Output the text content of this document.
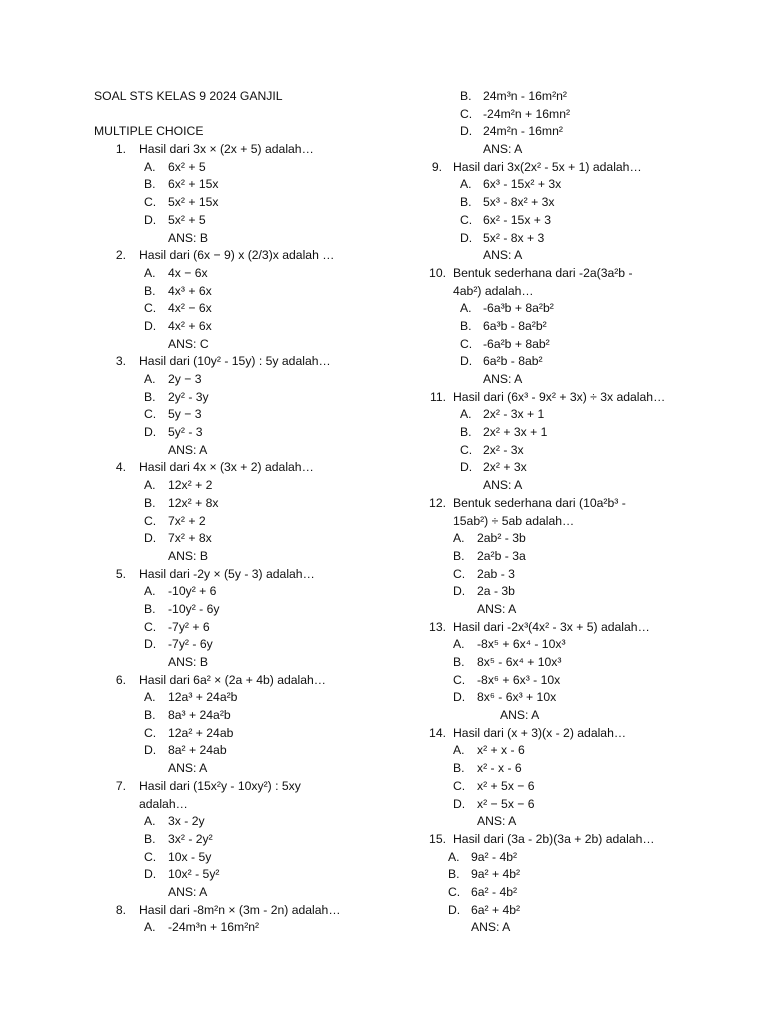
SOAL STS KELAS 9 2024 GANJIL
MULTIPLE CHOICE
1. Hasil dari 3x × (2x + 5) adalah…
A. 6x² + 5
B. 6x² + 15x
C. 5x² + 15x
D. 5x² + 5
ANS: B
2. Hasil dari (6x − 9) x (2/3)x adalah …
A. 4x − 6x
B. 4x³ + 6x
C. 4x² − 6x
D. 4x² + 6x
ANS: C
3. Hasil dari (10y² - 15y) : 5y adalah…
A. 2y − 3
B. 2y² - 3y
C. 5y − 3
D. 5y² - 3
ANS: A
4. Hasil dari 4x × (3x + 2) adalah…
A. 12x² + 2
B. 12x² + 8x
C. 7x² + 2
D. 7x² + 8x
ANS: B
5. Hasil dari -2y × (5y - 3) adalah…
A. -10y² + 6
B. -10y² - 6y
C. -7y² + 6
D. -7y² - 6y
ANS: B
6. Hasil dari 6a² × (2a + 4b) adalah…
A. 12a³ + 24a²b
B. 8a³ + 24a²b
C. 12a² + 24ab
D. 8a² + 24ab
ANS: A
7. Hasil dari (15x²y - 10xy²) : 5xy
adalah…
A. 3x - 2y
B. 3x² - 2y²
C. 10x - 5y
D. 10x² - 5y²
ANS: A
8. Hasil dari -8m²n × (3m - 2n) adalah…
A. -24m³n + 16m²n²
B. 24m³n - 16m²n²
C. -24m²n + 16mn²
D. 24m²n - 16mn²
ANS: A
9. Hasil dari 3x(2x² - 5x + 1) adalah…
A. 6x³ - 15x² + 3x
B. 5x³ - 8x² + 3x
C. 6x² - 15x + 3
D. 5x² - 8x + 3
ANS: A
10. Bentuk sederhana dari -2a(3a²b -
4ab²) adalah…
A. -6a³b + 8a²b²
B. 6a³b - 8a²b²
C. -6a²b + 8ab²
D. 6a²b - 8ab²
ANS: A
11. Hasil dari (6x³ - 9x² + 3x) ÷ 3x adalah…
A. 2x² - 3x + 1
B. 2x² + 3x + 1
C. 2x² - 3x
D. 2x² + 3x
ANS: A
12. Bentuk sederhana dari (10a²b³ -
15ab²) ÷ 5ab adalah…
A. 2ab² - 3b
B. 2a²b - 3a
C. 2ab - 3
D. 2a - 3b
ANS: A
13. Hasil dari -2x³(4x² - 3x + 5) adalah…
A. -8x⁵ + 6x⁴ - 10x³
B. 8x⁵ - 6x⁴ + 10x³
C. -8x⁶ + 6x³ - 10x
D. 8x⁶ - 6x³ + 10x
ANS: A
14. Hasil dari (x + 3)(x - 2) adalah…
A. x² + x - 6
B. x² - x - 6
C. x² + 5x − 6
D. x² − 5x − 6
ANS: A
15. Hasil dari (3a - 2b)(3a + 2b) adalah…
A. 9a² - 4b²
B. 9a² + 4b²
C. 6a² - 4b²
D. 6a² + 4b²
ANS: A
